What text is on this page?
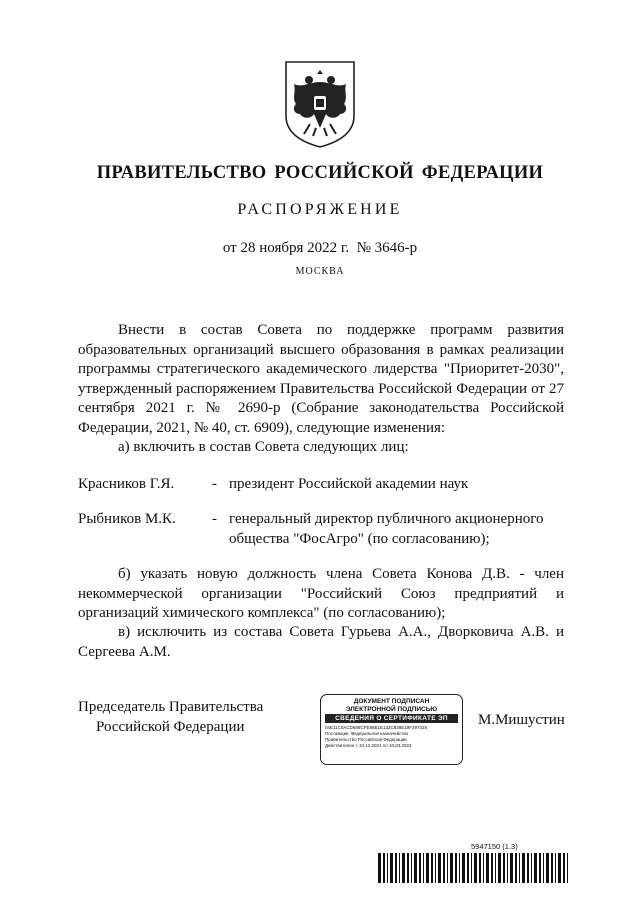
ПРАВИТЕЛЬСТВО РОССИЙСКОЙ ФЕДЕРАЦИИ
РАСПОРЯЖЕНИЕ
от 28 ноября 2022 г.  № 3646-р
МОСКВА

Внести в состав Совета по поддержке программ развития образовательных организаций высшего образования в рамках реализации программы стратегического академического лидерства "Приоритет-2030", утвержденный распоряжением Правительства Российской Федерации от 27 сентября 2021 г. № 2690-р (Собрание законодательства Российской Федерации, 2021, № 40, ст. 6909), следующие изменения:

а) включить в состав Совета следующих лиц:

Красников Г.Я.	- президент Российской академии наук
Рыбников М.К. - генеральный директор публичного акционерного
общества "ФосАгро" (по согласованию);

б) указать новую должность члена Совета Конова Д.В. - член некоммерческой организации "Российский Союз предприятий и организаций химического комплекса" (по согласованию);

в) исключить из состава Совета Гурьева А.А., Дворковича А.В. и Сергеева А.М.

Председатель Правительства
Российской Федерации
ДОКУМЕНТ ПОДПИСАН
ЭЛЕКТРОННОЙ ПОДПИСЬЮ
СВЕДЕНИЯ О СЕРТИФИКАТЕ ЭП
04E11C0ACD688CFE88B1E132C828E19F297428
Поставщик: Федеральное казначейство
Правительство Российской Федерации
Действителен с 10.12.2021 по 10.03.2023
М.Мишустин
5947150 (1.3)
